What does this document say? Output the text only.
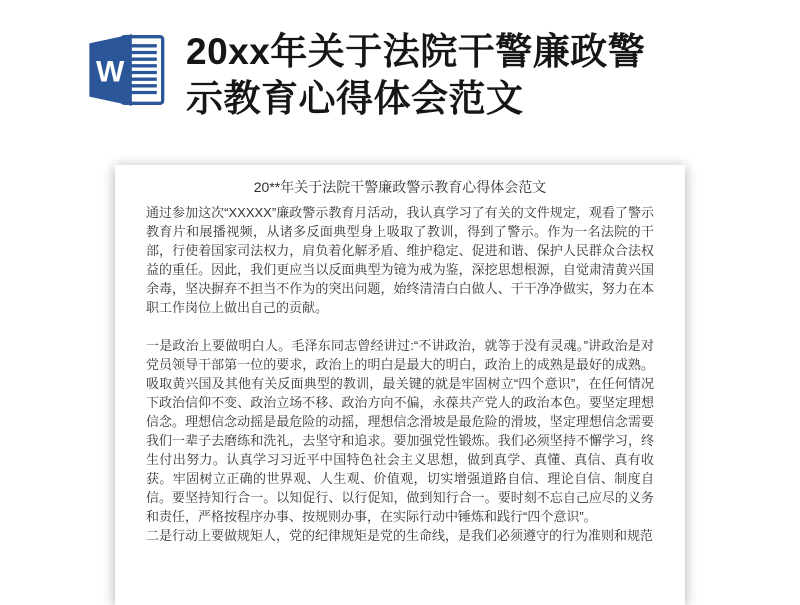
W
20xx年关于法院干警廉政警
示教育心得体会范文
20**年关于法院干警廉政警示教育心得体会范文

通过参加这次“XXXXX”廉政警示教育月活动，我认真学习了有关的文件规定，观看了警示教育片和展播视频，从诸多反面典型身上吸取了教训，得到了警示。作为一名法院的干部，行使着国家司法权力，肩负着化解矛盾、维护稳定、促进和谐、保护人民群众合法权益的重任。因此，我们更应当以反面典型为镜为戒为鉴，深挖思想根源，自觉肃清黄兴国余毒，坚决摒弃不担当不作为的突出问题，始终清清白白做人、干干净净做实，努力在本职工作岗位上做出自己的贡献。

一是政治上要做明白人。毛泽东同志曾经讲过:“不讲政治，就等于没有灵魂。”讲政治是对党员领导干部第一位的要求，政治上的明白是最大的明白，政治上的成熟是最好的成熟。吸取黄兴国及其他有关反面典型的教训，最关键的就是牢固树立“四个意识”，在任何情况下政治信仰不变、政治立场不移、政治方向不偏，永葆共产党人的政治本色。要坚定理想信念。理想信念动摇是最危险的动摇，理想信念滑坡是最危险的滑坡，坚定理想信念需要我们一辈子去磨练和洗礼，去坚守和追求。要加强党性锻炼。我们必须坚持不懈学习，终生付出努力。认真学习习近平中国特色社会主义思想，做到真学、真懂、真信、真有收获。牢固树立正确的世界观、人生观、价值观，切实增强道路自信、理论自信、制度自信。要坚持知行合一。以知促行、以行促知，做到知行合一。要时刻不忘自己应尽的义务和责任，严格按程序办事、按规则办事，在实际行动中锤炼和践行“四个意识”。

二是行动上要做规矩人，党的纪律规矩是党的生命线，是我们必须遵守的行为准则和规范
